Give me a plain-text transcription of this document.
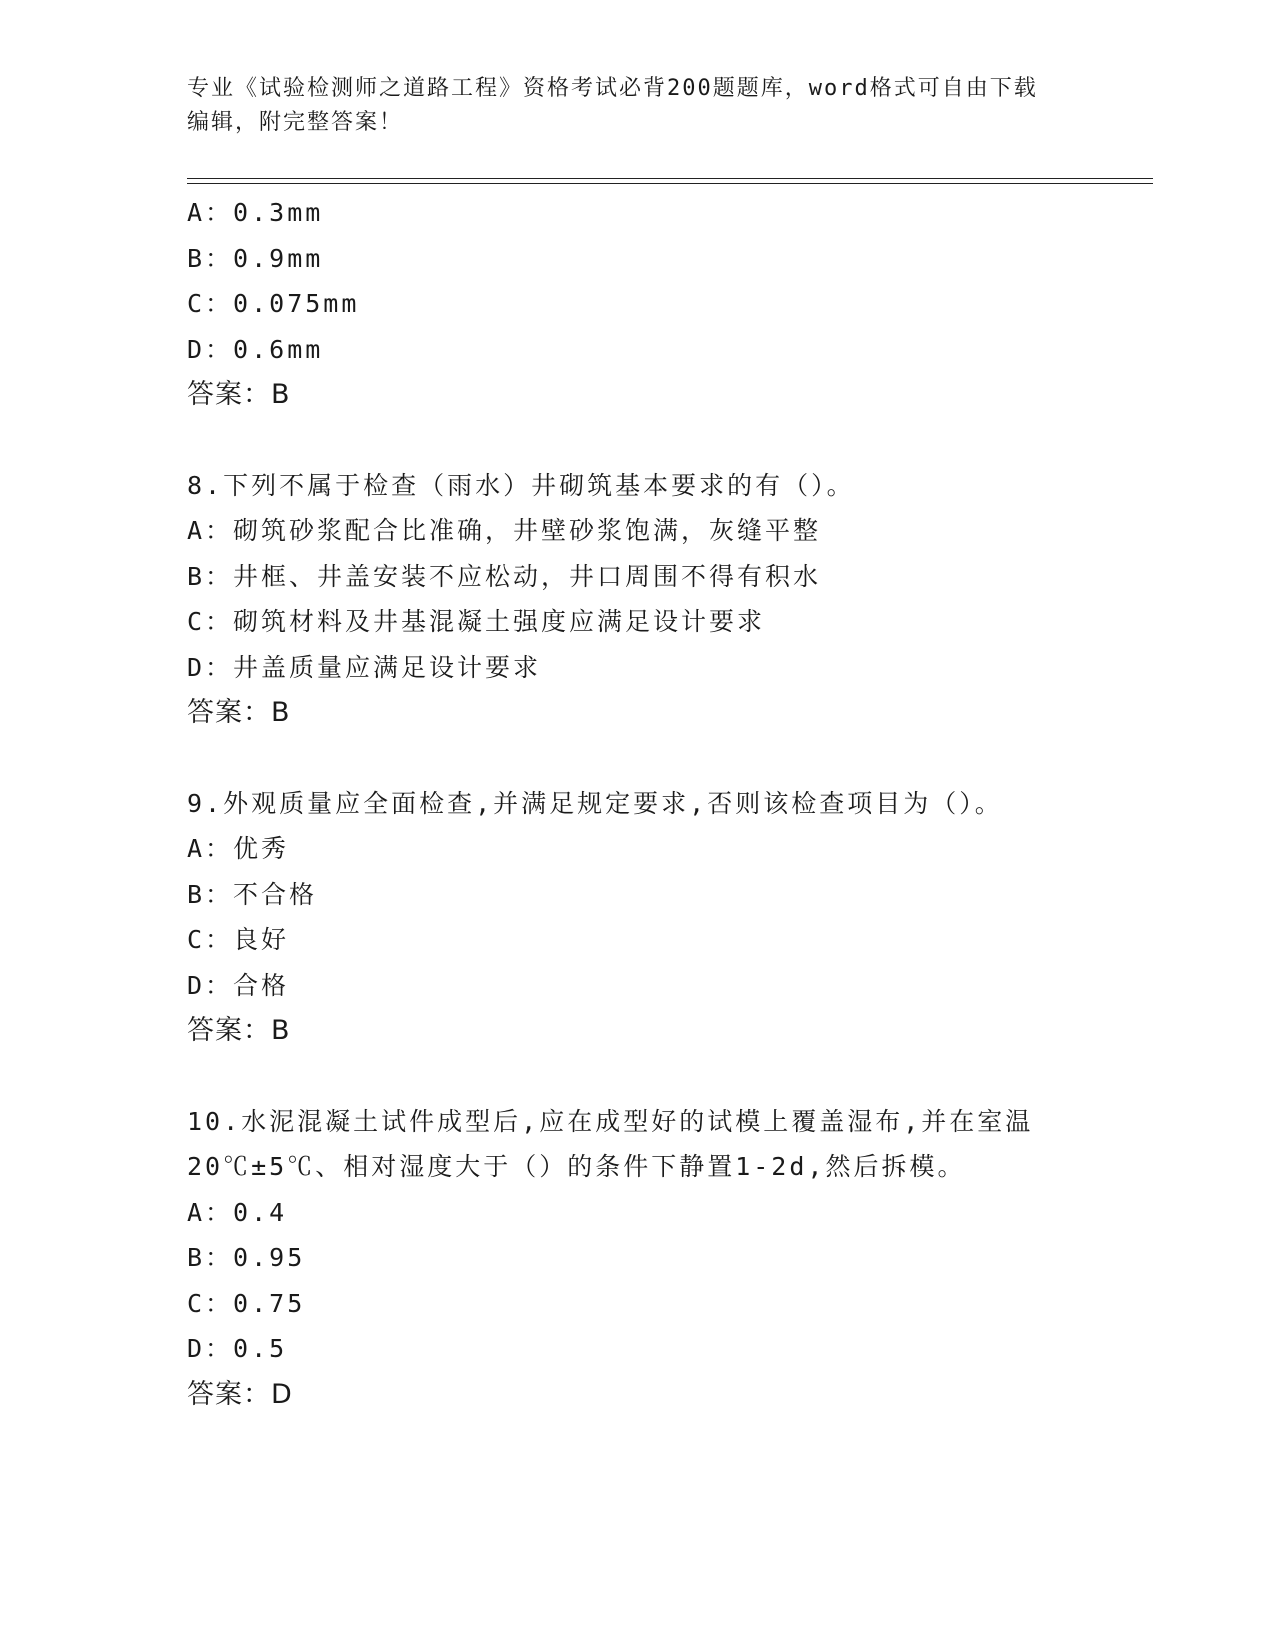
专业《试验检测师之道路工程》资格考试必背200题题库，word格式可自由下载
编辑，附完整答案！
A：0.3mm
B：0.9mm
C：0.075mm
D：0.6mm
答案：B
8.下列不属于检查（雨水）井砌筑基本要求的有（）。
A：砌筑砂浆配合比准确，井壁砂浆饱满，灰缝平整
B：井框、井盖安装不应松动，井口周围不得有积水
C：砌筑材料及井基混凝土强度应满足设计要求
D：井盖质量应满足设计要求
答案：B
9.外观质量应全面检查,并满足规定要求,否则该检查项目为（）。
A：优秀
B：不合格
C：良好
D：合格
答案：B
10.水泥混凝土试件成型后,应在成型好的试模上覆盖湿布,并在室温
20℃±5℃、相对湿度大于（）的条件下静置1-2d,然后拆模。
A：0.4
B：0.95
C：0.75
D：0.5
答案：D
